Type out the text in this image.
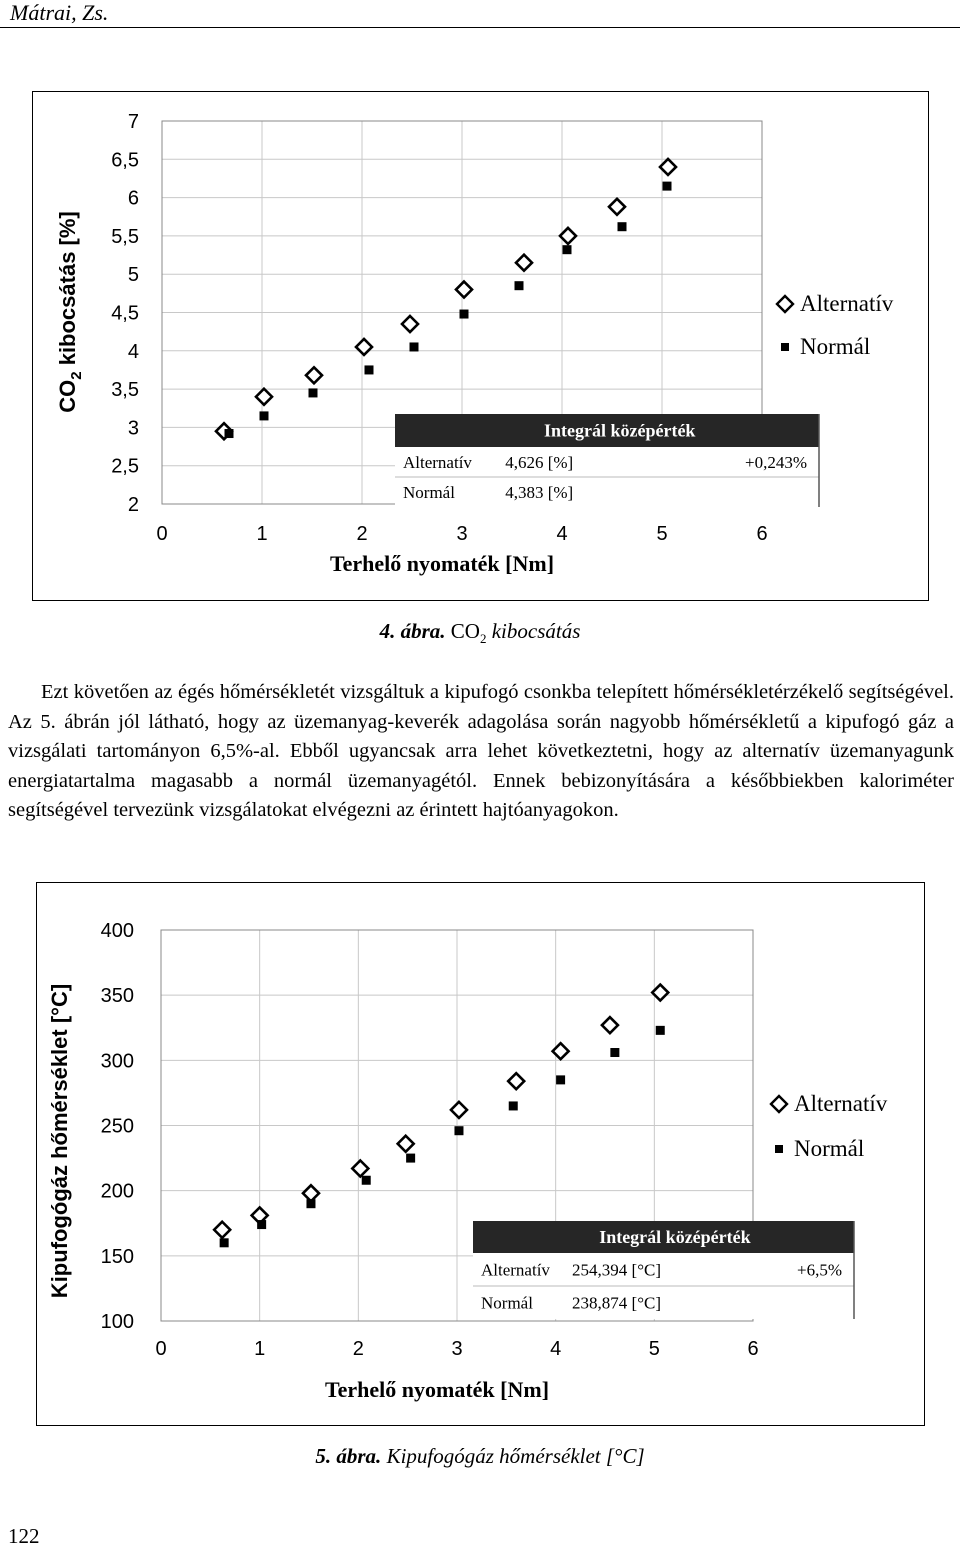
Mátrai, Zs.
0	1	2	3	4	5	6
2
2,5
3
3,5
4
4,5
5
5,5
6
6,5
7
Terhelő nyomaték [Nm]
$CO_2$ kibocsátás [%]	Alternatív
Normál
Integrál középérték
Alternatív 4,626 [%]	+0,243%
Normál	4,383 [%]
4. ábra. $CO_2$ kibocsátás

Ezt követően az égés hőmérsékletét vizsgáltuk a kipufogó csonkba telepített hőmérsékletérzékelő segítségével. Az 5. ábrán jól látható, hogy az üzemanyag-keverék adagolása során nagyobb hőmérsékletű a kipufogó gáz a vizsgálati tartományon 6,5%-al. Ebből ugyancsak arra lehet következtetni, hogy az alternatív üzemanyagunk energiatartalma magasabb a normál üzemanyagétól. Ennek bebizonyítására a későbbiekben kaloriméter segítségével tervezünk vizsgálatokat elvégezni az érintett hajtóanyagokon.

0	1	2	3	4	5	6
100
150
200
250
300
350
400
Terhelő nyomaték [Nm]
Kipufogógáz hőmérséklet [°C]	Alternatív
Normál
Integrál középérték
Alternatív 254,394 [°C]	+6,5%
Normál 238,874 [°C]
5. ábra. Kipufogógáz hőmérséklet [°C]
122
